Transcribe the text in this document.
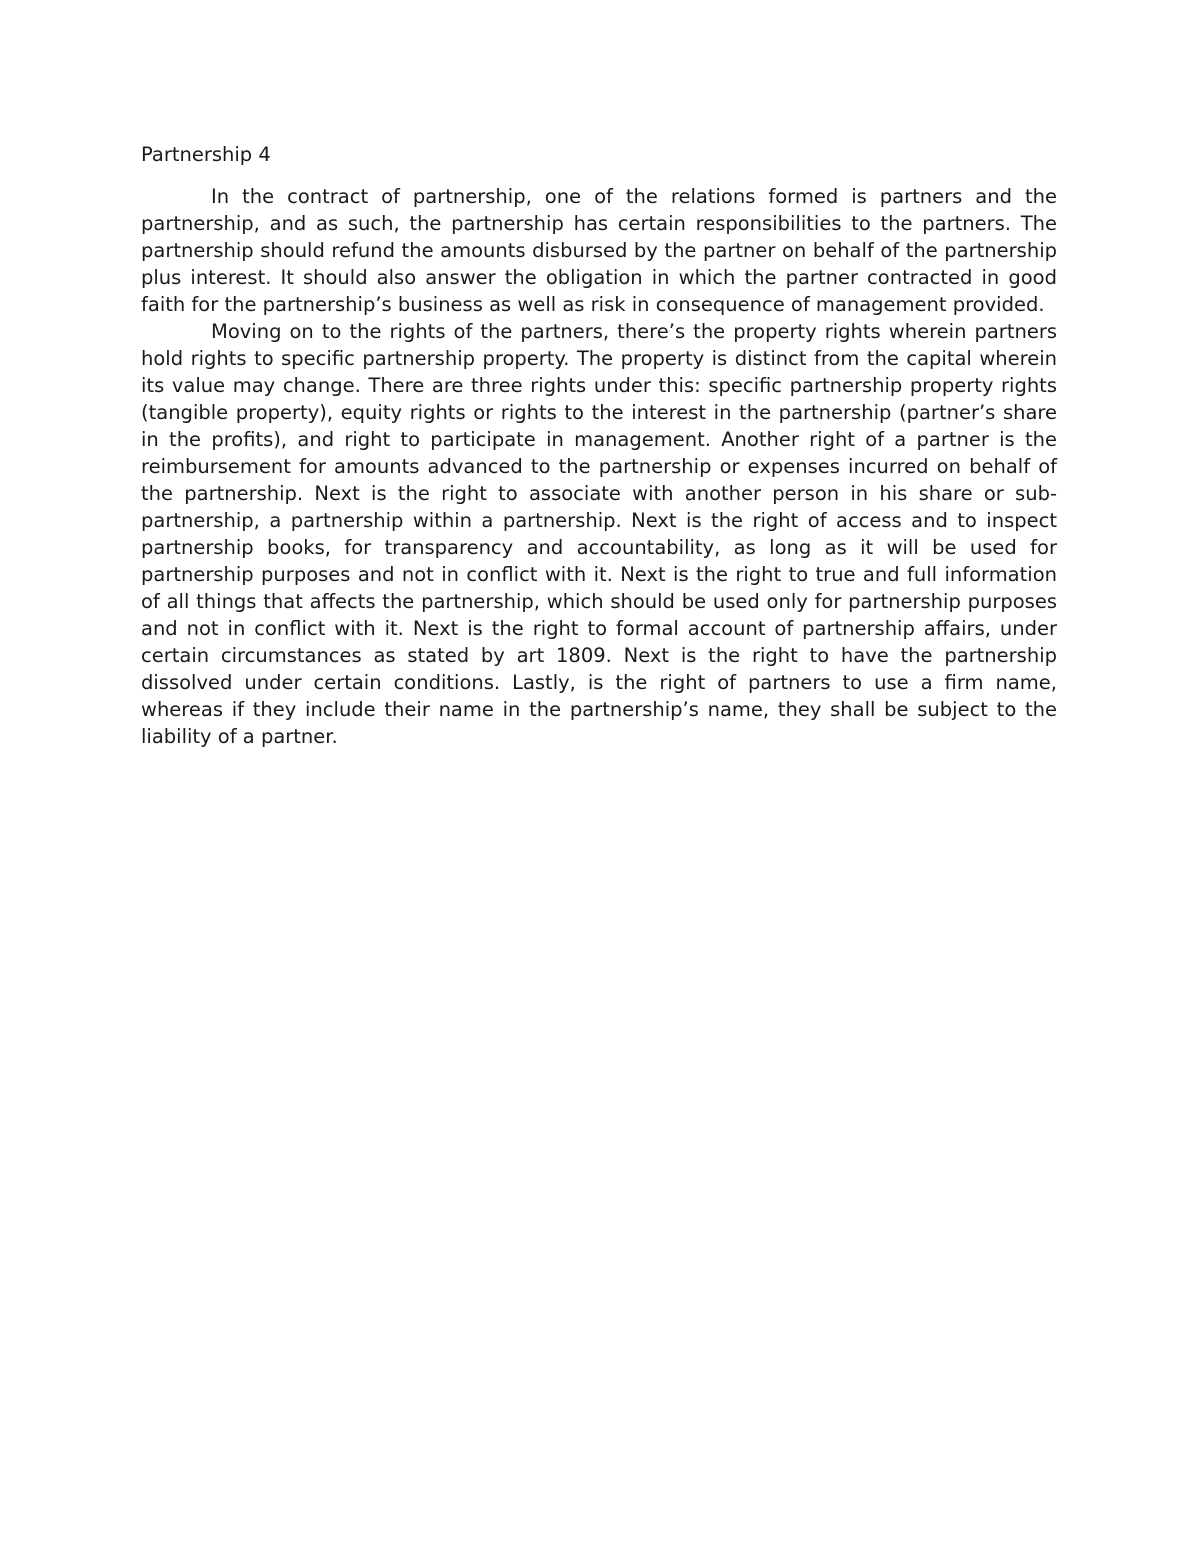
Partnership 4

In the contract of partnership, one of the relations formed is partners and the partnership, and as such, the partnership has certain responsibilities to the partners. The partnership should refund the amounts disbursed by the partner on behalf of the partnership plus interest. It should also answer the obligation in which the partner contracted in good faith for the partnership’s business as well as risk in consequence of management provided.

Moving on to the rights of the partners, there’s the property rights wherein partners hold rights to specific partnership property. The property is distinct from the capital wherein its value may change. There are three rights under this: specific partnership property rights (tangible property), equity rights or rights to the interest in the partnership (partner’s share in the profits), and right to participate in management. Another right of a partner is the reimbursement for amounts advanced to the partnership or expenses incurred on behalf of the partnership. Next is the right to associate with another person in his share or sub-partnership, a partnership within a partnership. Next is the right of access and to inspect partnership books, for transparency and accountability, as long as it will be used for partnership purposes and not in conflict with it. Next is the right to true and full information of all things that affects the partnership, which should be used only for partnership purposes and not in conflict with it. Next is the right to formal account of partnership affairs, under certain circumstances as stated by art 1809. Next is the right to have the partnership dissolved under certain conditions. Lastly, is the right of partners to use a firm name, whereas if they include their name in the partnership’s name, they shall be subject to the liability of a partner.
